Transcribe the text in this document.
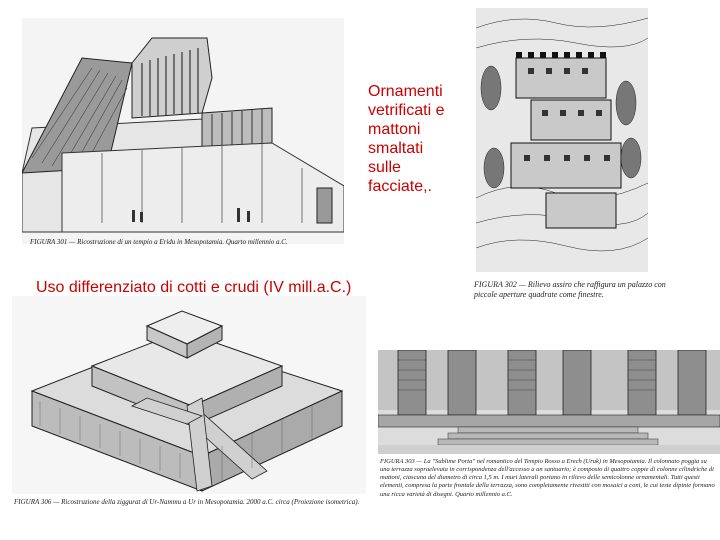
FIGURA 301 — Ricostruzione di un tempio a Eridu in Mesopotamia. Quarto millennio a.C.
FIGURA 302 — Rilievo assiro che raffigura un palazzo con piccole aperture quadrate come finestre.
FIGURA 306 — Ricostruzione della ziggurat di Ur-Nammu a Ur in Mesopotamia. 2000 a.C. circa (Proiezione isometrica).
FIGURA 303 — La "Sublime Porta" nel romantico del Tempio Rosso a Erech (Uruk) in Mesopotamia. Il colonnato poggia su una terrazza sopraelevata in corrispondenza dell'accesso a un santuario; è composto di quattro coppie di colonne cilindriche di mattoni, ciascuna del diametro di circa 1,5 m. I muri laterali portano in rilievo delle semicolonne ornamentali. Tutti questi elementi, compresa la parte frontale della terrazza, sono completamente rivestiti con mosaici a coni, le cui teste dipinte formano una ricca varietà di disegni. Quarto millennio a.C.
Ornamenti vetrificati e mattoni smaltati sulle facciate,.
Uso differenziato di cotti e crudi (IV mill.a.C.)
